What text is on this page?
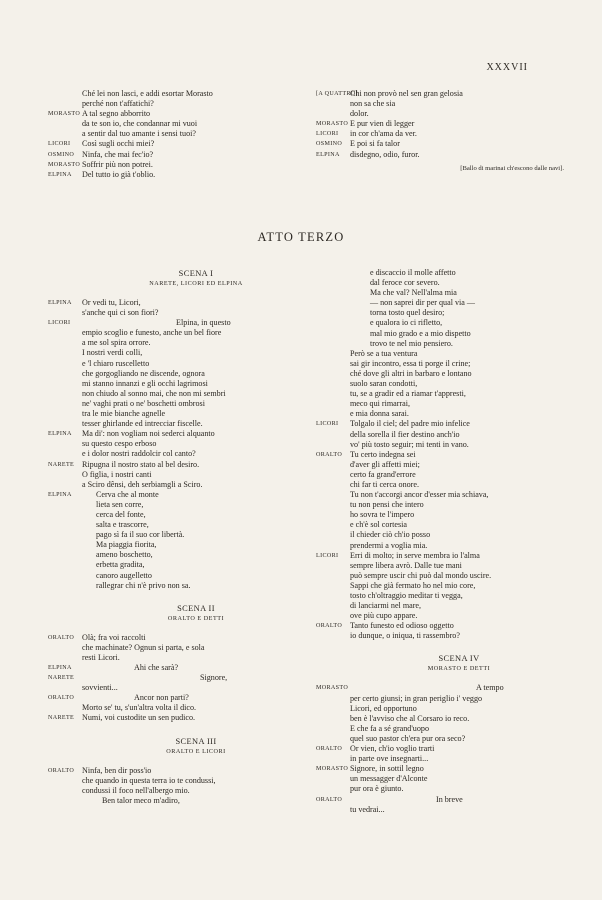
XXXVII
Ché lei non lasci, e addi esortar Morasto
perché non t'affatichi?
MORASTO A tal segno abborrito
da te son io, che condannar mi vuoi
a sentir dal tuo amante i sensi tuoi?
LICORI Così sugli occhi miei?
OSMINO Ninfa, che mai fec'io?
MORASTO Soffrir più non potrei.
ELPINA Del tutto io già t'oblio.
[A QUATTRO]
Chi non provò nel sen gran gelosia
non sa che sia
dolor.
MORASTO E pur vien di legger
LICORI in cor ch'ama da ver.
OSMINO E poi si fa talor
ELPINA disdegno, odio, furor.
[Ballo di marinai ch'escono dalle navi].
ATTO TERZO
SCENA I
NARETE, LICORI ED ELPINA
ELPINA Or vedi tu, Licori,
s'anche qui ci son fiori?
LICORI	Elpina, in questo
empio scoglio e funesto, anche un bel fiore
a me sol spira orrore.
I nostri verdi colli,
e 'l chiaro ruscelletto
che gorgogliando ne discende, ognora
mi stanno innanzi e gli occhi lagrimosi
non chiudo al sonno mai, che non mi sembri
ne' vaghi prati o ne' boschetti ombrosi
tra le mie bianche agnelle
tesser ghirlande ed intrecciar fiscelle.
ELPINA Ma di': non vogliam noi sederci alquanto
su questo cespo erboso
e i dolor nostri raddolcir col canto?
NARETE Ripugna il nostro stato al bel desiro.
O figlia, i nostri canti
a Sciro dênsi, deh serbiamgli a Sciro.
ELPINA	Cerva che al monte
lieta sen corre,
cerca del fonte,
salta e trascorre,
pago sì fa il suo cor libertà.
Ma piaggia fiorita,
ameno boschetto,
erbetta gradita,
canoro augelletto
rallegrar chi n'è privo non sa.
SCENA II
ORALTO E DETTI
ORALTO Olà; fra voi raccolti
che machinate? Ognun si parta, e sola
resti Licori.
ELPINA	Ahi che sarà?
NARETE	Signore,
sovvienti...
ORALTO	Ancor non parti?
Morto se' tu, s'un'altra volta il dico.
NARETE Numi, voi custodite un sen pudico.
SCENA III
ORALTO E LICORI
ORALTO Ninfa, ben dir poss'io
che quando in questa terra io te condussi,
condussi il foco nell'albergo mio.
Ben talor meco m'adiro,
e discaccio il molle affetto
dal feroce cor severo.
Ma che val? Nell'alma mia
— non saprei dir per qual via —
torna tosto quel desiro;
e qualora io ci rifletto,
mal mio grado e a mio dispetto
trovo te nel mio pensiero.
Però se a tua ventura
sai gir incontro, essa ti porge il crine;
ché dove gli altri in barbaro e lontano
suolo saran condotti,
tu, se a gradir ed a riamar t'appresti,
meco qui rimarrai,
e mia donna sarai.
LICORI Tolgalo il ciel; del padre mio infelice
della sorella il fier destino anch'io
vo' più tosto seguir; mi tenti in vano.
ORALTO Tu certo indegna sei
d'aver gli affetti miei;
certo fa grand'errore
chi far ti cerca onore.
Tu non t'accorgi ancor d'esser mia schiava,
tu non pensi che intero
ho sovra te l'impero
e ch'è sol cortesia
il chieder ciò ch'io posso
prendermi a voglia mia.
LICORI Erri di molto; in serve membra io l'alma
sempre libera avrò. Dalle tue mani
può sempre uscir chi può dal mondo uscire.
Sappi che già fermato ho nel mio core,
tosto ch'oltraggio meditar ti vegga,
di lanciarmi nel mare,
ove più cupo appare.
ORALTO Tanto funesto ed odioso oggetto
io dunque, o iniqua, ti rassembro?
SCENA IV
MORASTO E DETTI
MORASTO	A tempo
per certo giunsi; in gran periglio i' veggo
Licori, ed opportuno
ben è l'avviso che al Corsaro io reco.
E che fa a sé grand'uopo
quel suo pastor ch'era pur ora seco?
ORALTO Or vien, ch'io voglio trarti
in parte ove insegnarti...
MORASTO Signore, in sottil legno
un messagger d'Alconte
pur ora è giunto.
ORALTO	In breve
tu vedrai...
